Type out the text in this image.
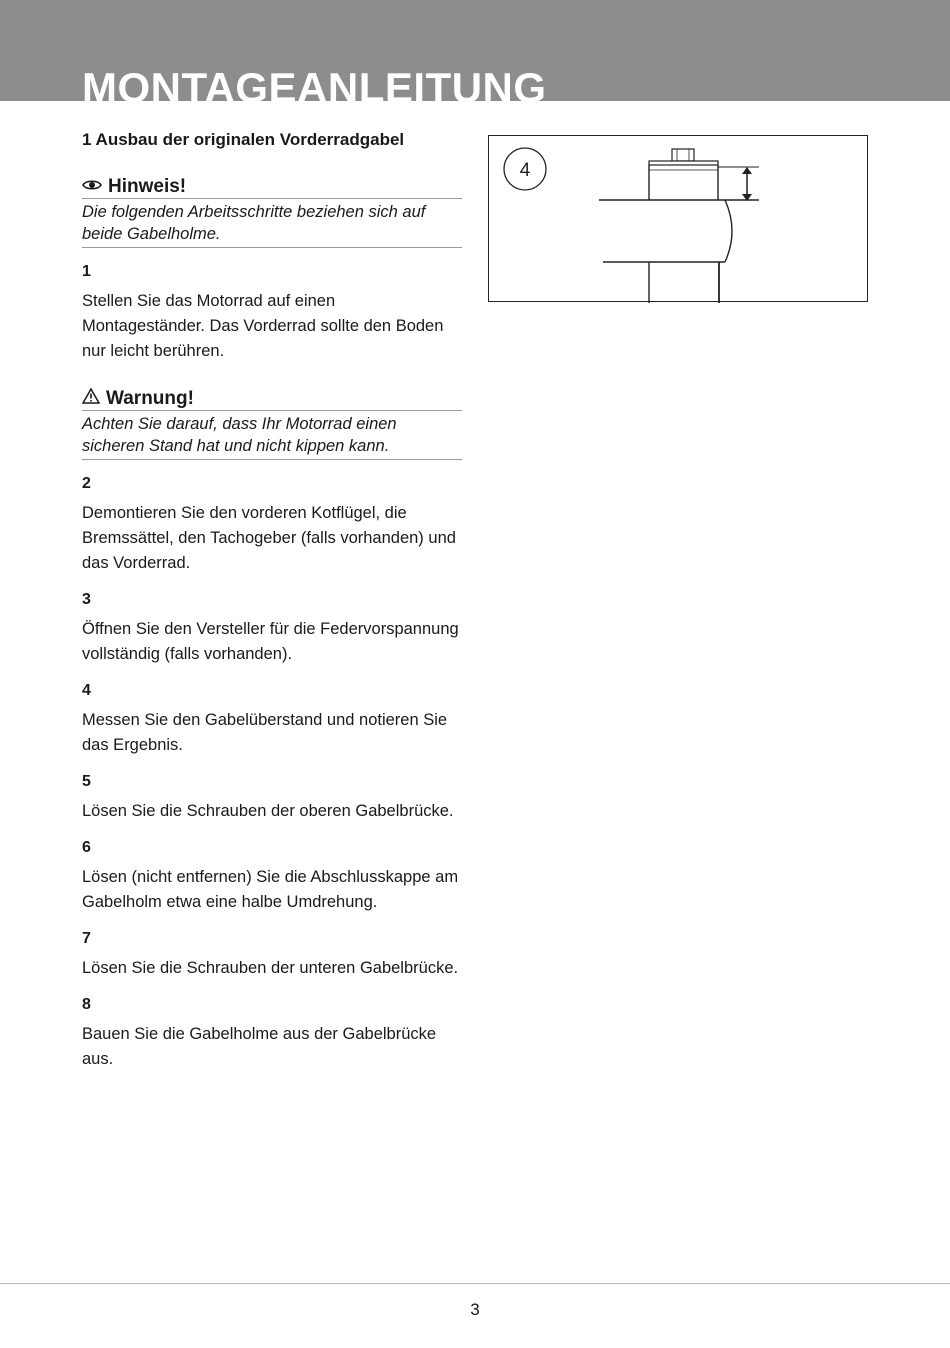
MONTAGEANLEITUNG
1 Ausbau der originalen Vorderradgabel
Hinweis!
Die folgenden Arbeitsschritte beziehen sich auf beide Gabelholme.
1
Stellen Sie das Motorrad auf einen Montageständer. Das Vorderrad sollte den Boden nur leicht berühren.
Warnung!
Achten Sie darauf, dass Ihr Motorrad einen sicheren Stand hat und nicht kippen kann.
2
Demontieren Sie den vorderen Kotflügel, die Bremssättel, den Tachogeber (falls vorhanden) und das Vorderrad.
3
Öffnen Sie den Versteller für die Federvorspannung vollständig (falls vorhanden).
4
Messen Sie den Gabelüberstand und notieren Sie das Ergebnis.
5
Lösen Sie die Schrauben der oberen Gabelbrücke.
6
Lösen (nicht entfernen) Sie die Abschlusskappe am Gabelholm etwa eine halbe Umdrehung.
7
Lösen Sie die Schrauben der unteren Gabelbrücke.
8
Bauen Sie die Gabelholme aus der Gabelbrücke aus.
4
3
